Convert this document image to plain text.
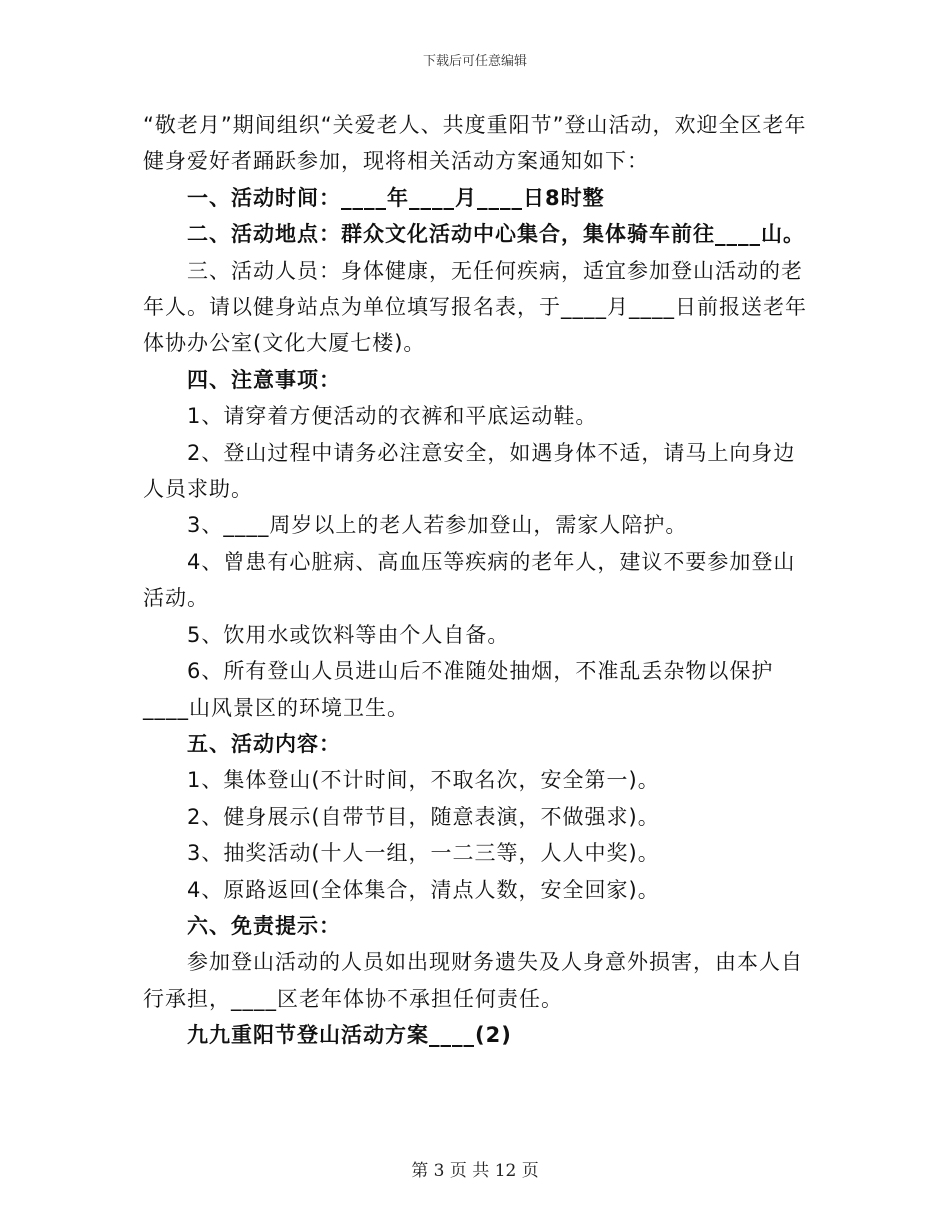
下载后可任意编辑

“敬老月”期间组织“关爱老人、共度重阳节”登山活动，欢迎全区老年健身爱好者踊跃参加，现将相关活动方案通知如下：

一、活动时间：____年____月____日8时整

二、活动地点：群众文化活动中心集合，集体骑车前往____山。

三、活动人员：身体健康，无任何疾病，适宜参加登山活动的老年人。请以健身站点为单位填写报名表，于____月____日前报送老年体协办公室(文化大厦七楼)。

四、注意事项：

1、请穿着方便活动的衣裤和平底运动鞋。

2、登山过程中请务必注意安全，如遇身体不适，请马上向身边人员求助。

3、____周岁以上的老人若参加登山，需家人陪护。

4、曾患有心脏病、高血压等疾病的老年人，建议不要参加登山活动。

5、饮用水或饮料等由个人自备。

6、所有登山人员进山后不准随处抽烟，不准乱丢杂物以保护____山风景区的环境卫生。

五、活动内容：

1、集体登山(不计时间，不取名次，安全第一)。

2、健身展示(自带节目，随意表演，不做强求)。

3、抽奖活动(十人一组，一二三等，人人中奖)。

4、原路返回(全体集合，清点人数，安全回家)。

六、免责提示：

参加登山活动的人员如出现财务遗失及人身意外损害，由本人自行承担，____区老年体协不承担任何责任。

九九重阳节登山活动方案____(2)

第 3 页 共 12 页
